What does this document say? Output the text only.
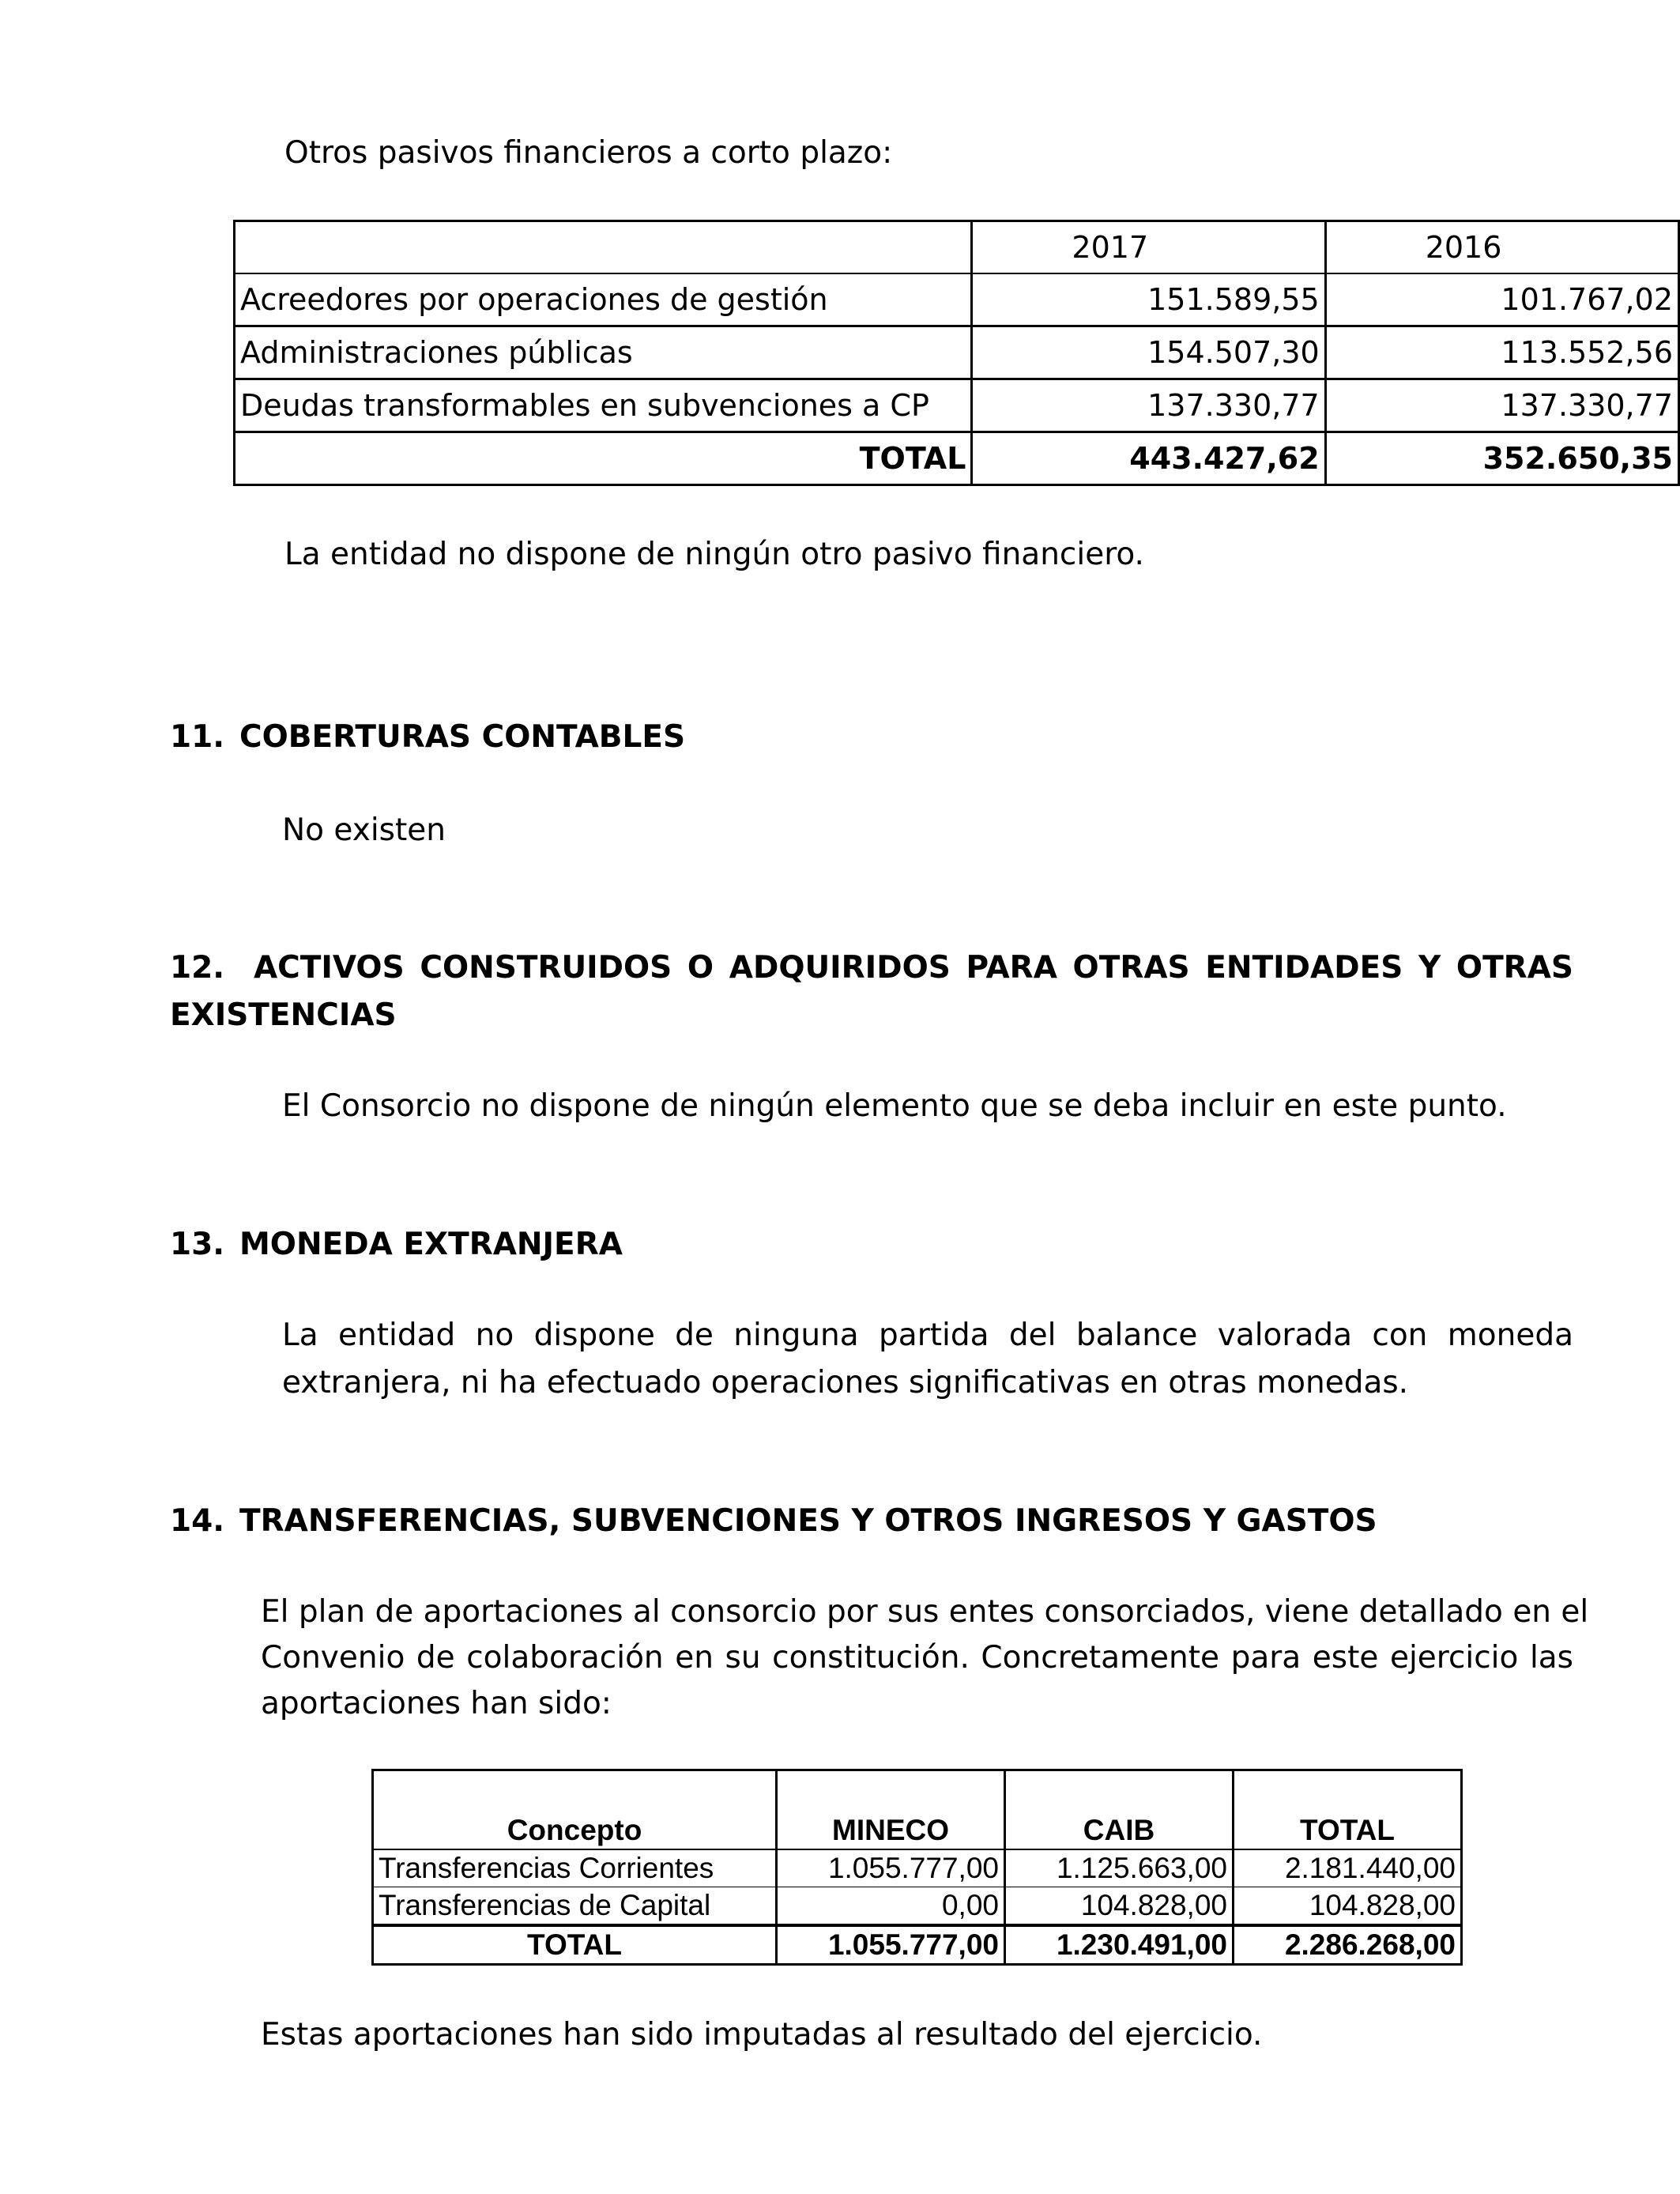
Otros pasivos financieros a corto plazo:
	2017	2016
Acreedores por operaciones de gestión	151.589,55	101.767,02
Administraciones públicas	154.507,30	113.552,56
Deudas transformables en subvenciones a CP	137.330,77	137.330,77
TOTAL	443.427,62	352.650,35
La entidad no dispone de ningún otro pasivo financiero.
11. COBERTURAS CONTABLES
No existen
12. ACTIVOS CONSTRUIDOS O ADQUIRIDOS PARA OTRAS ENTIDADES Y OTRAS
EXISTENCIAS
El Consorcio no dispone de ningún elemento que se deba incluir en este punto.
13. MONEDA EXTRANJERA
La entidad no dispone de ninguna partida del balance valorada con moneda
extranjera, ni ha efectuado operaciones significativas en otras monedas.
14. TRANSFERENCIAS, SUBVENCIONES Y OTROS INGRESOS Y GASTOS
El plan de aportaciones al consorcio por sus entes consorciados, viene detallado en el
Convenio de colaboración en su constitución. Concretamente para este ejercicio las
aportaciones han sido:
Concepto	MINECO	CAIB	TOTAL
Transferencias Corrientes	1.055.777,00	1.125.663,00	2.181.440,00
Transferencias de Capital	0,00	104.828,00	104.828,00
TOTAL	1.055.777,00	1.230.491,00	2.286.268,00
Estas aportaciones han sido imputadas al resultado del ejercicio.
